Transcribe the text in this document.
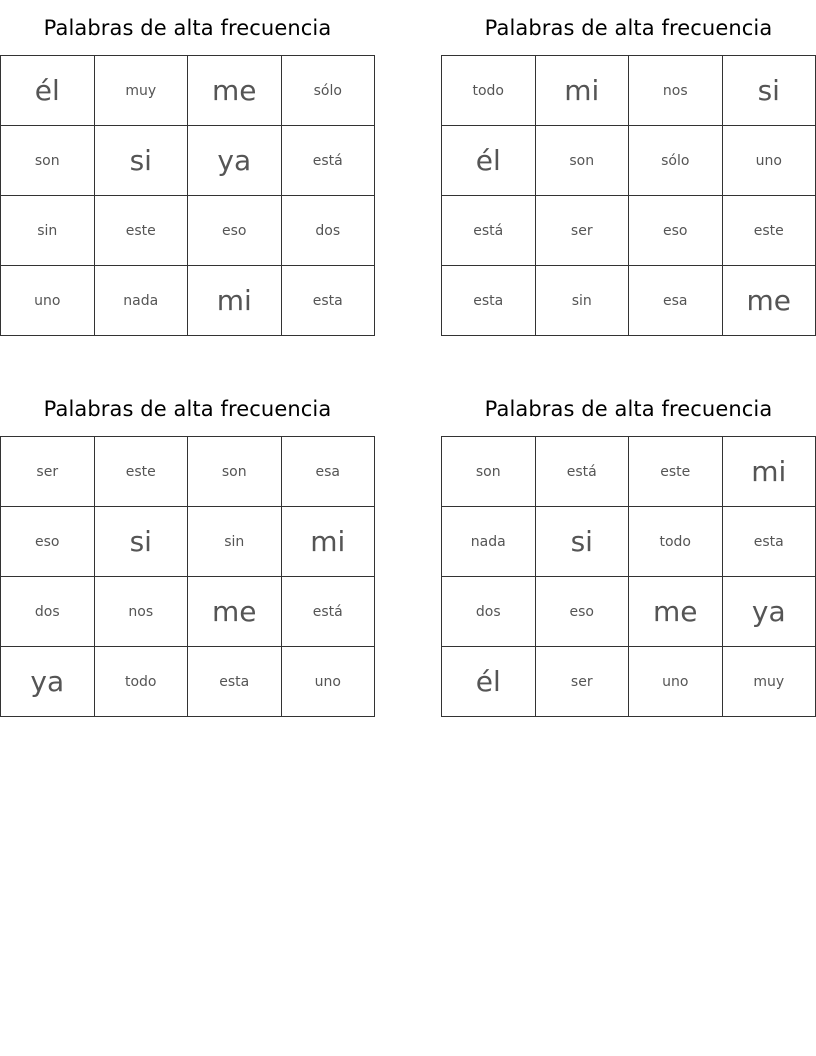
Palabras de alta frecuencia
él	muy	me	sólo
son	si	ya	está
sin	este	eso	dos
uno	nada	mi	esta
Palabras de alta frecuencia
todo	mi	nos	si
él	son	sólo	uno
está	ser	eso	este
esta	sin	esa	me
Palabras de alta frecuencia
ser	este	son	esa
eso	si	sin	mi
dos	nos	me	está
ya	todo	esta	uno
Palabras de alta frecuencia
son	está	este	mi
nada	si	todo	esta
dos	eso	me	ya
él	ser	uno	muy
